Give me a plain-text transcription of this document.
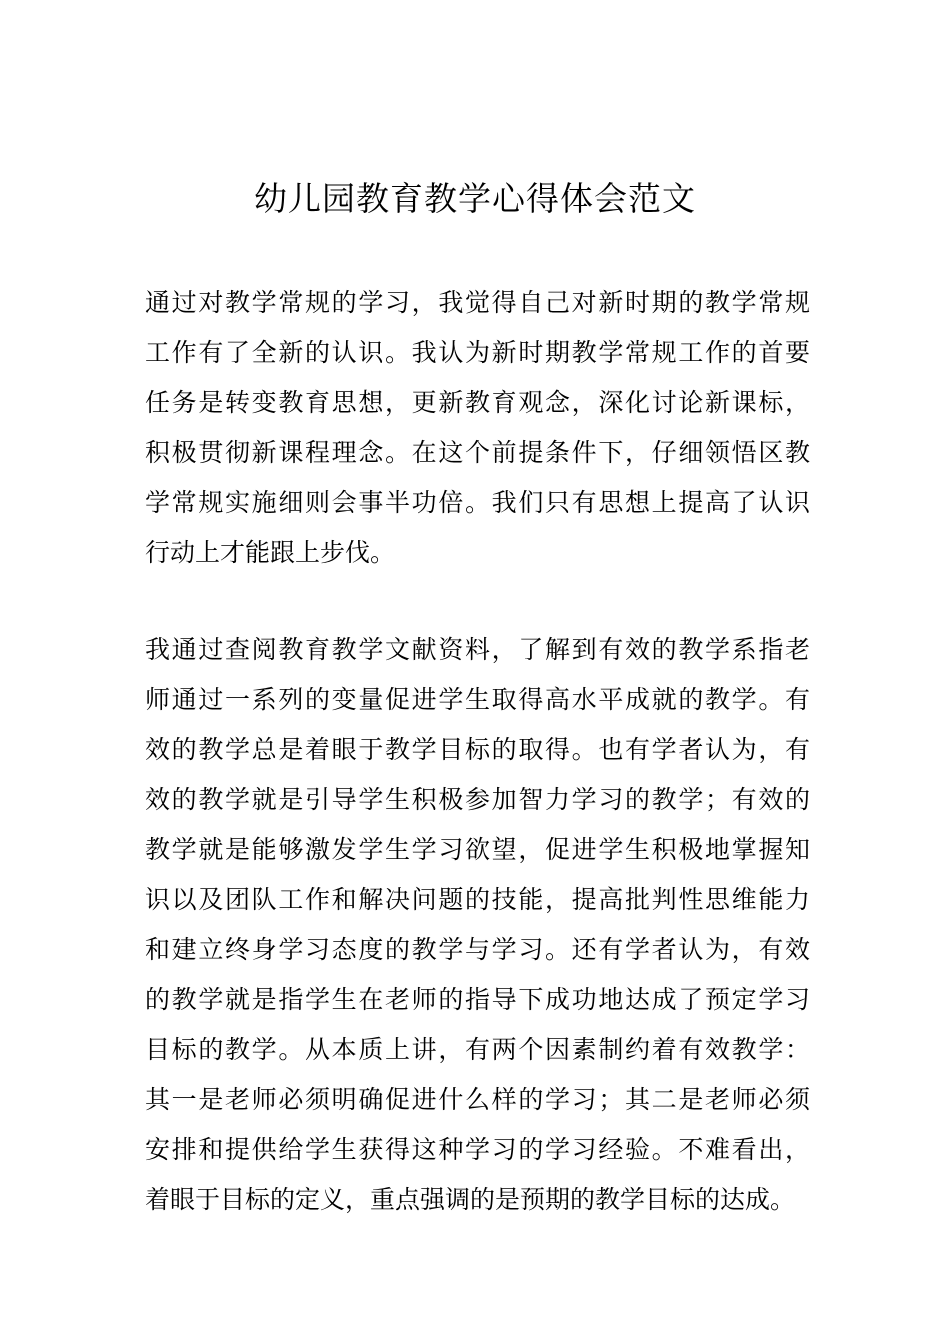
幼儿园教育教学心得体会范文
通过对教学常规的学习，我觉得自己对新时期的教学常规
工作有了全新的认识。我认为新时期教学常规工作的首要
任务是转变教育思想，更新教育观念，深化讨论新课标，
积极贯彻新课程理念。在这个前提条件下，仔细领悟区教
学常规实施细则会事半功倍。我们只有思想上提高了认识
行动上才能跟上步伐。
我通过查阅教育教学文献资料，了解到有效的教学系指老
师通过一系列的变量促进学生取得高水平成就的教学。有
效的教学总是着眼于教学目标的取得。也有学者认为，有
效的教学就是引导学生积极参加智力学习的教学；有效的
教学就是能够激发学生学习欲望，促进学生积极地掌握知
识以及团队工作和解决问题的技能，提高批判性思维能力
和建立终身学习态度的教学与学习。还有学者认为，有效
的教学就是指学生在老师的指导下成功地达成了预定学习
目标的教学。从本质上讲，有两个因素制约着有效教学：
其一是老师必须明确促进什么样的学习；其二是老师必须
安排和提供给学生获得这种学习的学习经验。不难看出，
着眼于目标的定义，重点强调的是预期的教学目标的达成。
